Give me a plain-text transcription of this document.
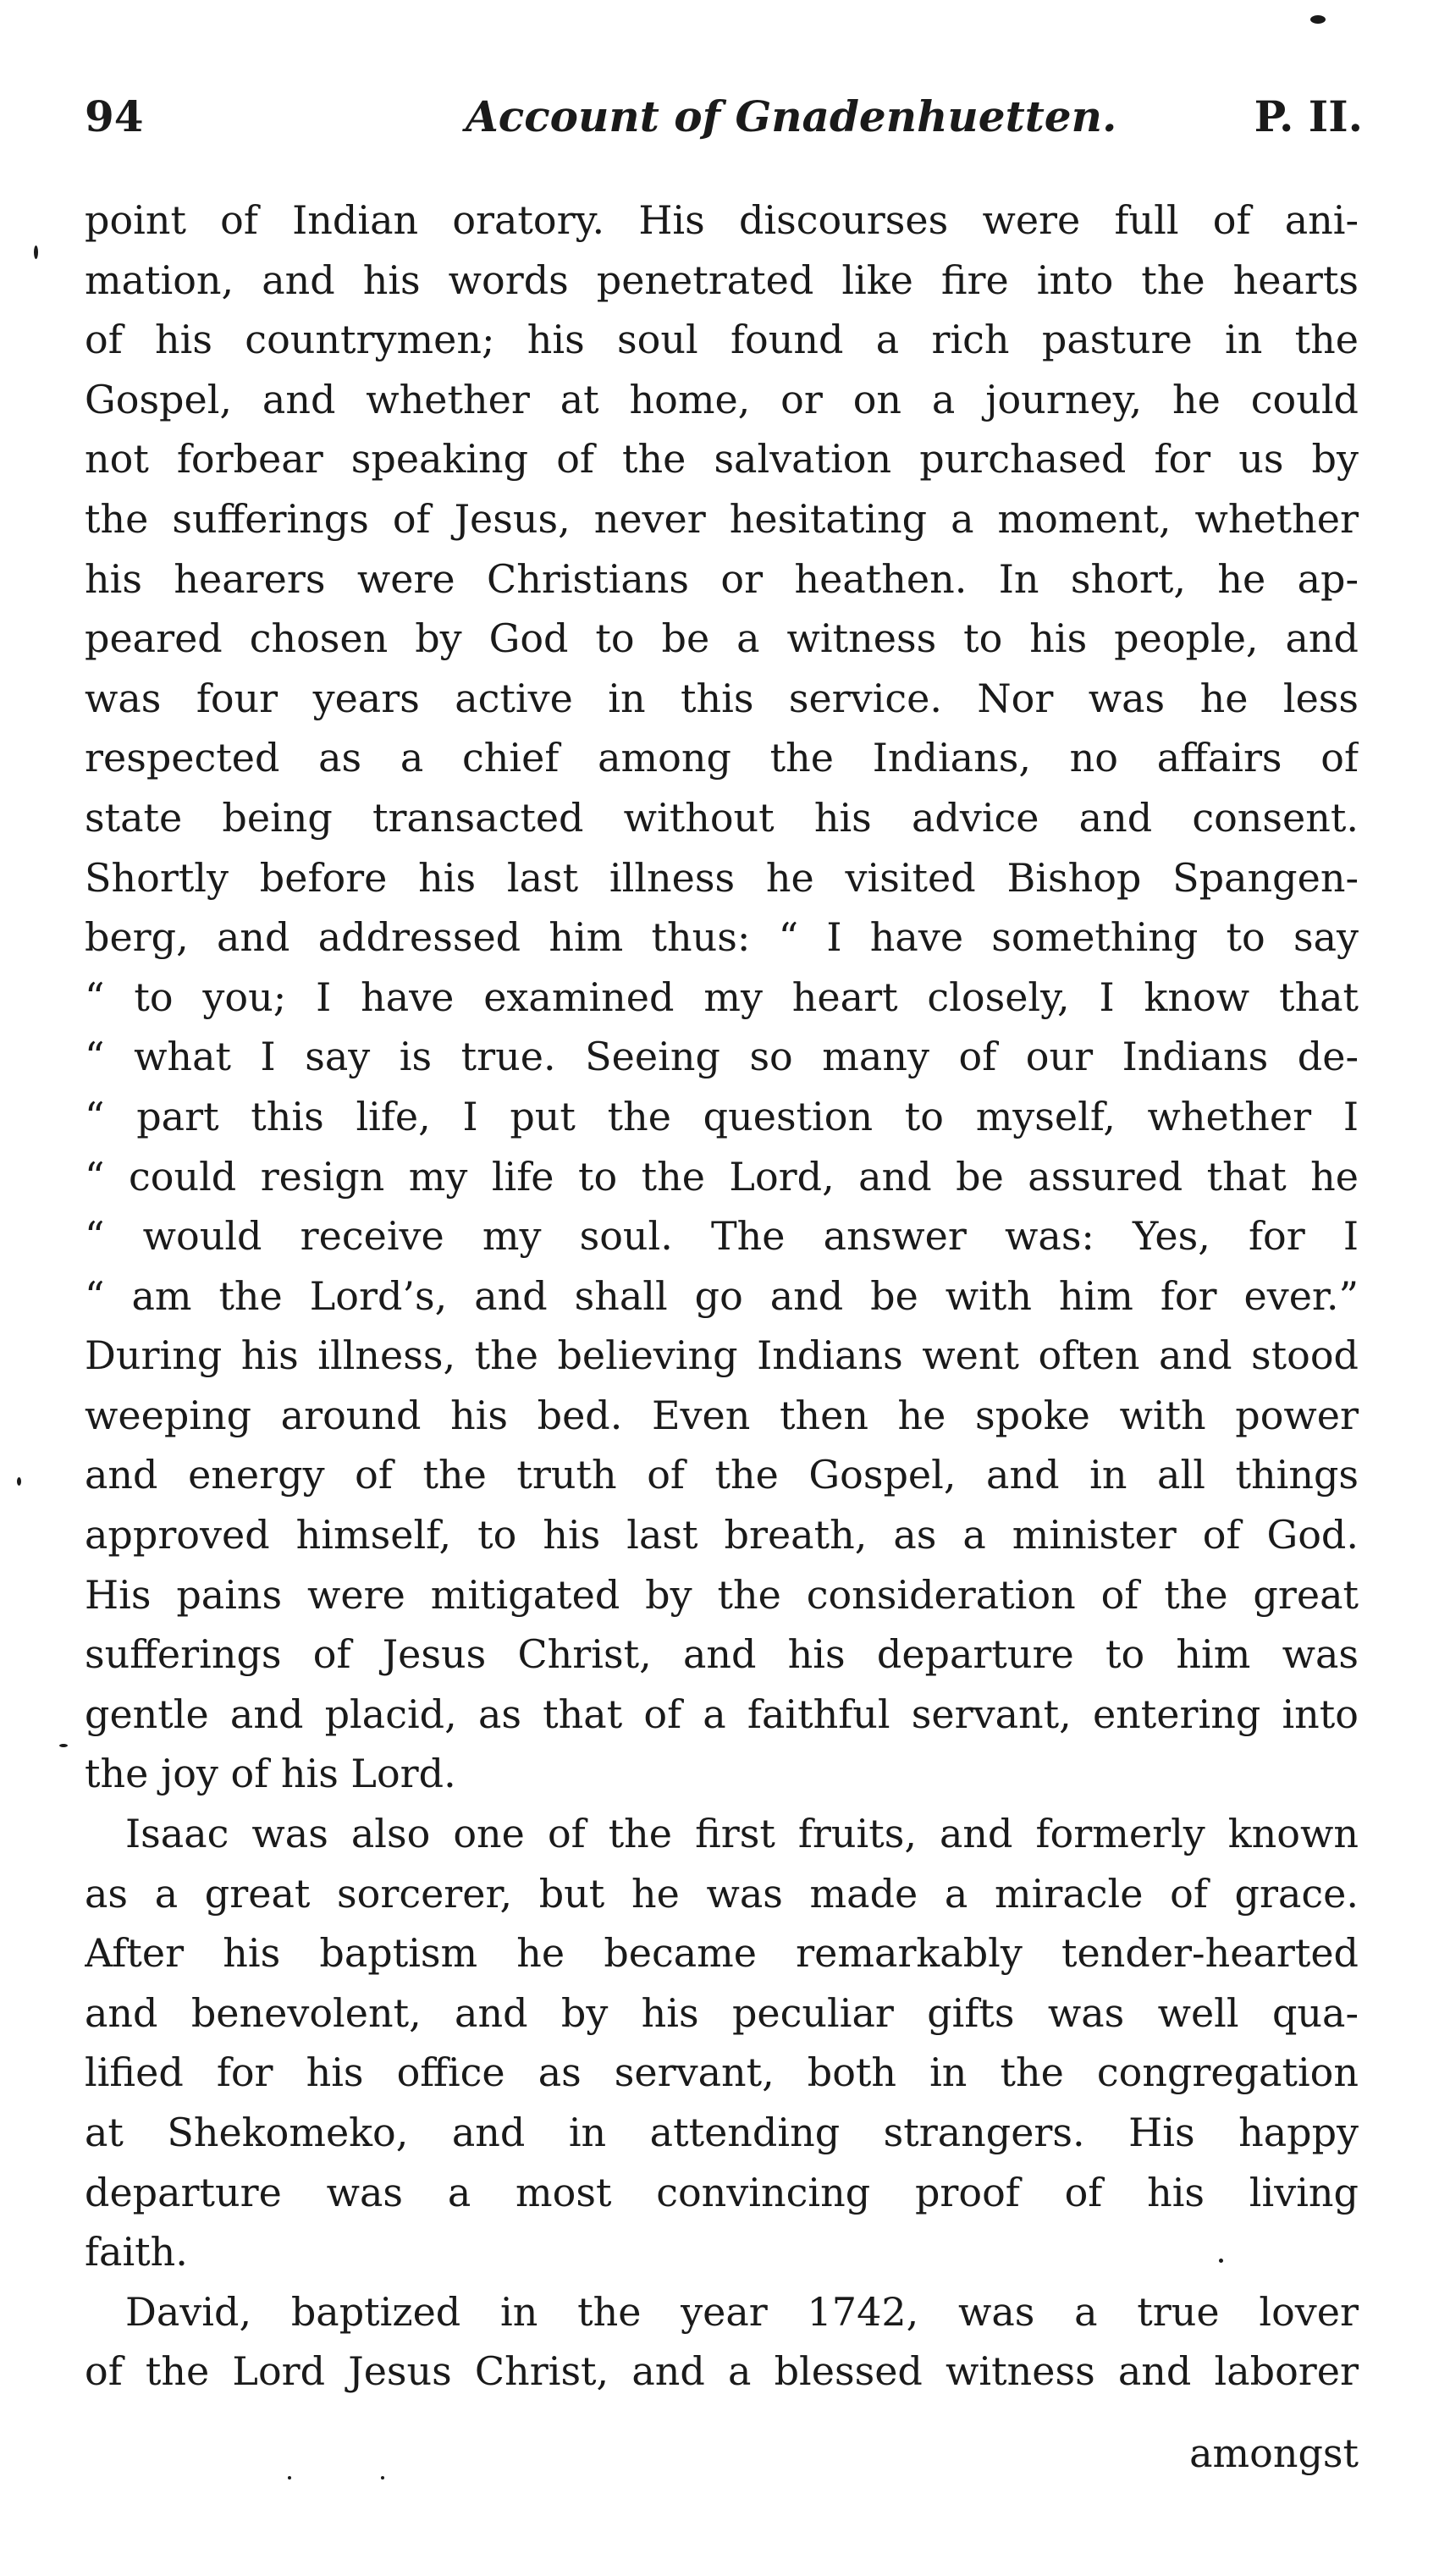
94	Account of Gnadenhuetten.	P. II.
point of Indian oratory. His discourses were full of ani-
mation, and his words penetrated like fire into the hearts
of his countrymen; his soul found a rich pasture in the
Gospel, and whether at home, or on a journey, he could
not forbear speaking of the salvation purchased for us by
the sufferings of Jesus, never hesitating a moment, whether
his hearers were Christians or heathen. In short, he ap-
peared chosen by God to be a witness to his people, and
was four years active in this service. Nor was he less
respected as a chief among the Indians, no affairs of
state being transacted without his advice and consent.
Shortly before his last illness he visited Bishop Spangen-
berg, and addressed him thus: “ I have something to say
“ to you; I have examined my heart closely, I know that
“ what I say is true. Seeing so many of our Indians de-
“ part this life, I put the question to myself, whether I
“ could resign my life to the Lord, and be assured that he
“ would receive my soul. The answer was: Yes, for I
“ am the Lord’s, and shall go and be with him for ever.”
During his illness, the believing Indians went often and stood
weeping around his bed. Even then he spoke with power
and energy of the truth of the Gospel, and in all things
approved himself, to his last breath, as a minister of God.
His pains were mitigated by the consideration of the great
sufferings of Jesus Christ, and his departure to him was
gentle and placid, as that of a faithful servant, entering into
the joy of his Lord.
Isaac was also one of the first fruits, and formerly known
as a great sorcerer, but he was made a miracle of grace.
After his baptism he became remarkably tender-hearted
and benevolent, and by his peculiar gifts was well qua-
lified for his office as servant, both in the congregation
at Shekomeko, and in attending strangers. His happy
departure was a most convincing proof of his living
faith.
David, baptized in the year 1742, was a true lover
of the Lord Jesus Christ, and a blessed witness and laborer
amongst
